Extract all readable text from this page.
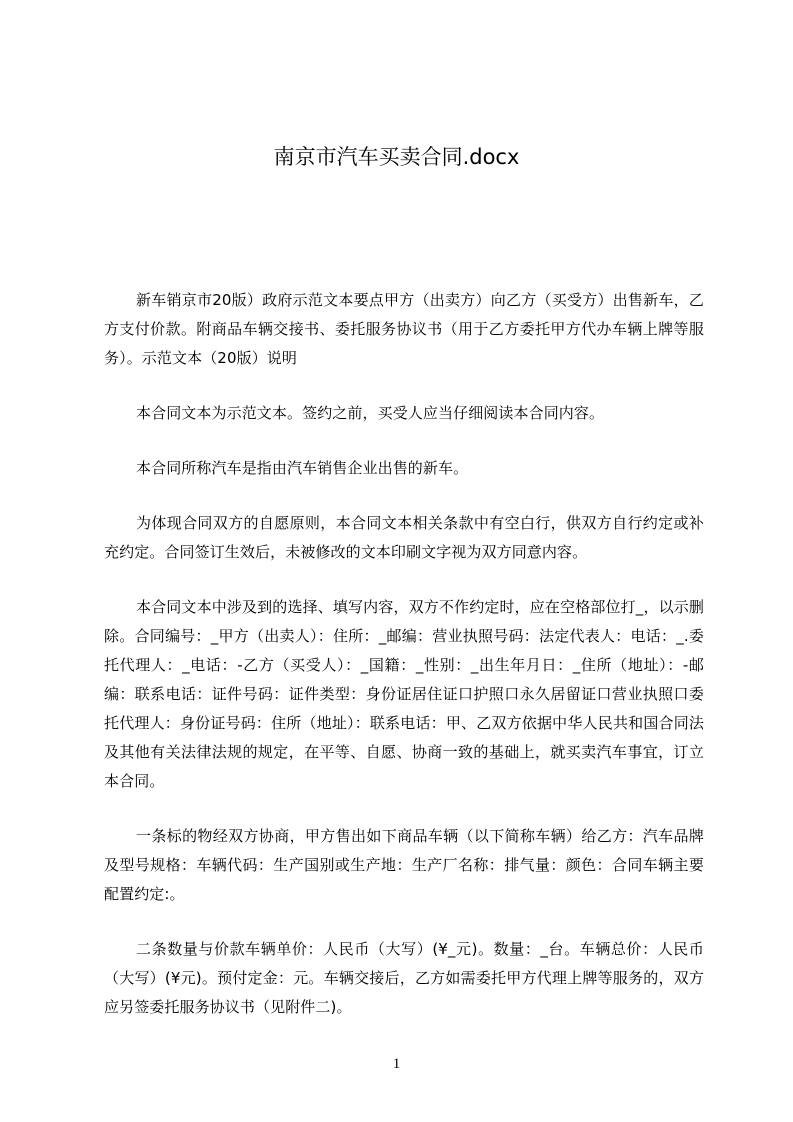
南京市汽车买卖合同.docx

新车销京市20版）政府示范文本要点甲方（出卖方）向乙方（买受方）出售新车，乙方支付价款。附商品车辆交接书、委托服务协议书（用于乙方委托甲方代办车辆上牌等服务）。示范文本（20版）说明

本合同文本为示范文本。签约之前，买受人应当仔细阅读本合同内容。

本合同所称汽车是指由汽车销售企业出售的新车。

为体现合同双方的自愿原则，本合同文本相关条款中有空白行，供双方自行约定或补充约定。合同签订生效后，未被修改的文本印刷文字视为双方同意内容。

本合同文本中涉及到的选择、填写内容，双方不作约定时，应在空格部位打_，以示删除。合同编号：_甲方（出卖人）：住所：_邮编：营业执照号码：法定代表人：电话：_.委托代理人：_电话：-乙方（买受人）：_国籍：_性别：_出生年月日：_住所（地址）：-邮编：联系电话：证件号码：证件类型：身份证居住证口护照口永久居留证口营业执照口委托代理人：身份证号码：住所（地址）：联系电话：甲、乙双方依据中华人民共和国合同法及其他有关法律法规的规定，在平等、自愿、协商一致的基础上，就买卖汽车事宜，订立本合同。

一条标的物经双方协商，甲方售出如下商品车辆（以下简称车辆）给乙方：汽车品牌及型号规格：车辆代码：生产国别或生产地：生产厂名称：排气量：颜色：合同车辆主要配置约定:。

二条数量与价款车辆单价：人民币（大写）(¥_元)。数量：_台。车辆总价：人民币（大写）(¥元)。预付定金：元。车辆交接后，乙方如需委托甲方代理上牌等服务的，双方应另签委托服务协议书（见附件二)。

1
